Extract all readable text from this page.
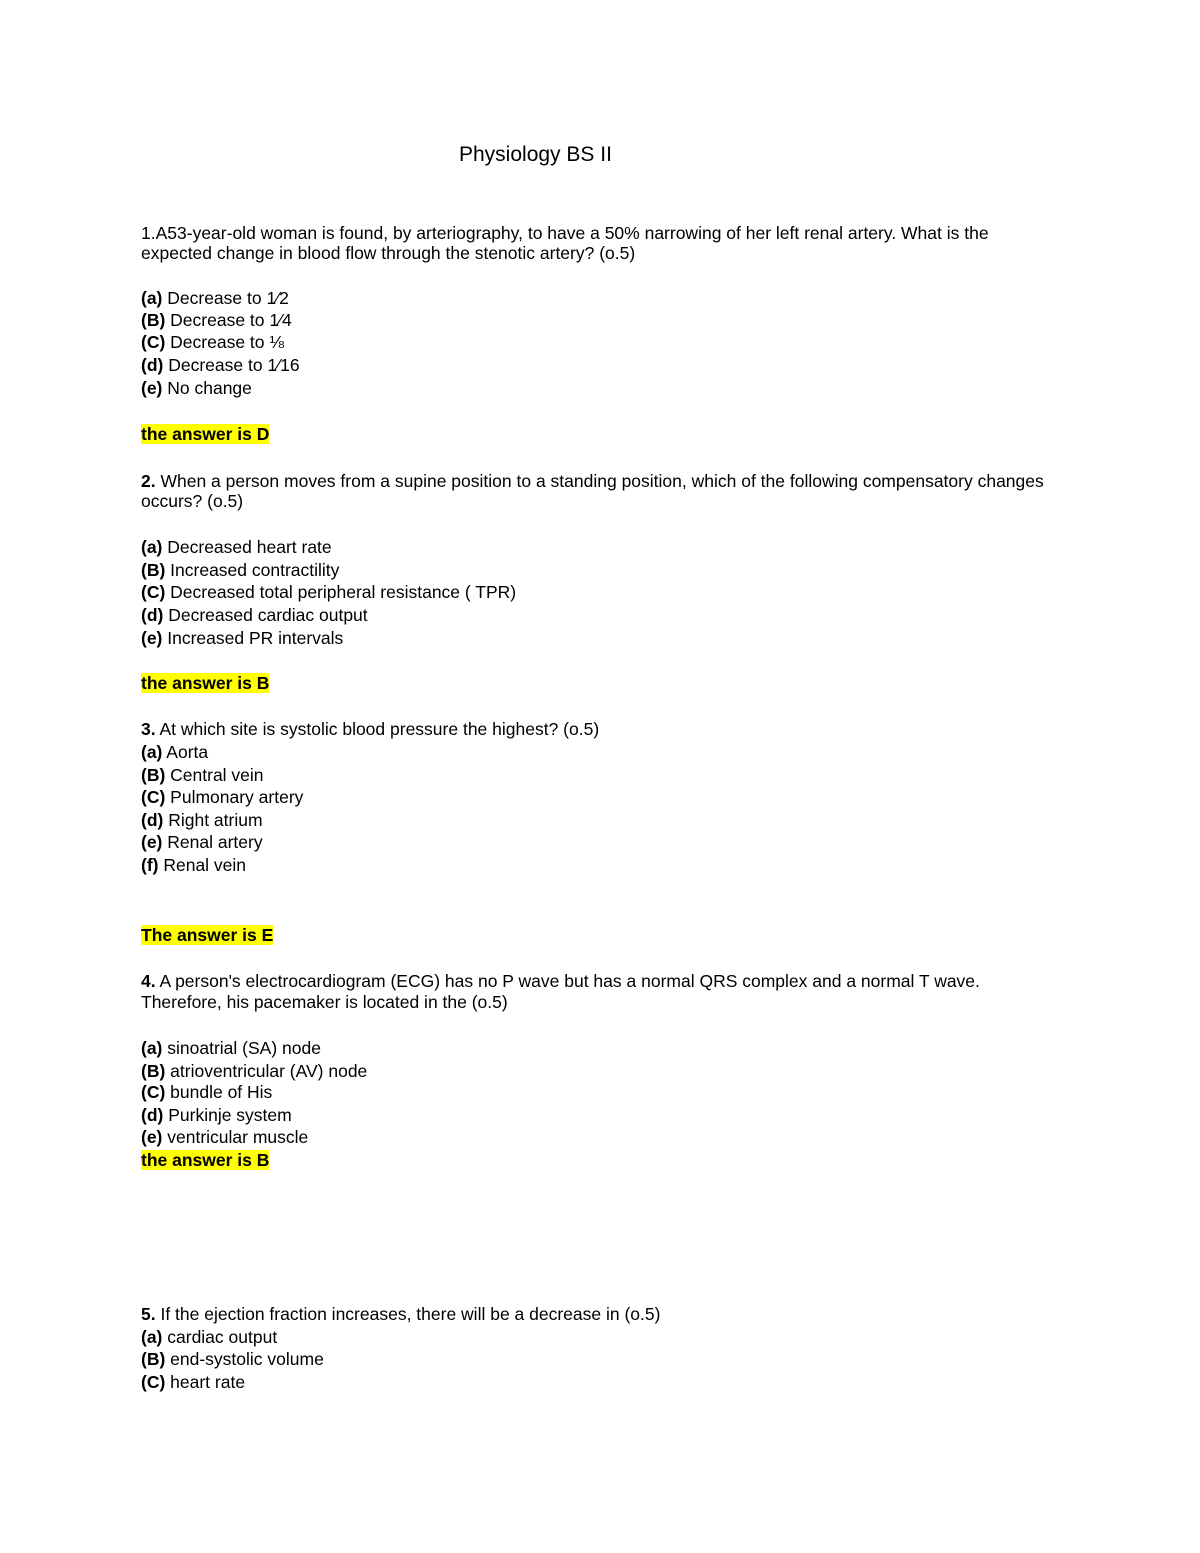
Physiology BS II
1.A53-year-old woman is found, by arteriography, to have a 50% narrowing of her left renal artery. What is the
expected change in blood flow through the stenotic artery? (o.5)
(a) Decrease to 1⁄2
(B) Decrease to 1⁄4
(C) Decrease to ⅛
(d) Decrease to 1⁄16
(e) No change
the answer is D
2. When a person moves from a supine position to a standing position, which of the following compensatory changes
occurs? (o.5)
(a) Decreased heart rate
(B) Increased contractility
(C) Decreased total peripheral resistance ( TPR)
(d) Decreased cardiac output
(e) Increased PR intervals
the answer is B
3. At which site is systolic blood pressure the highest? (o.5)
(a) Aorta
(B) Central vein
(C) Pulmonary artery
(d) Right atrium
(e) Renal artery
(f) Renal vein
The answer is E
4. A person's electrocardiogram (ECG) has no P wave but has a normal QRS complex and a normal T wave.
Therefore, his pacemaker is located in the (o.5)
(a) sinoatrial (SA) node
(B) atrioventricular (AV) node
(C) bundle of His
(d) Purkinje system
(e) ventricular muscle
the answer is B
5. If the ejection fraction increases, there will be a decrease in (o.5)
(a) cardiac output
(B) end-systolic volume
(C) heart rate
